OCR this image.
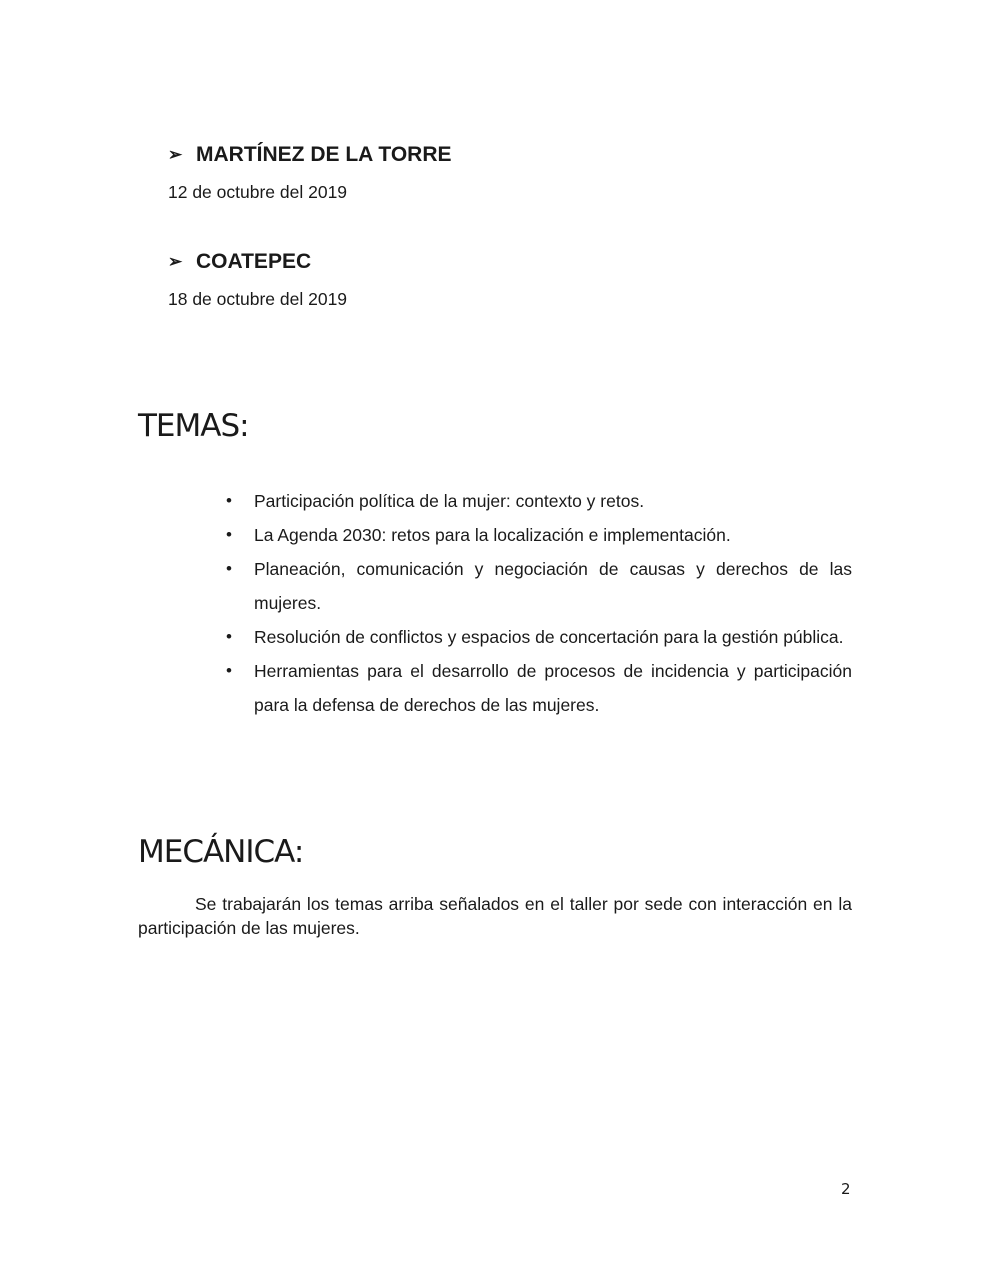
➢ MARTÍNEZ DE LA TORRE
12 de octubre del 2019
➢ COATEPEC
18 de octubre del 2019
TEMAS:
• Participación política de la mujer: contexto y retos.
• La Agenda 2030: retos para la localización e implementación.
• Planeación, comunicación y negociación de causas y derechos de las mujeres.
• Resolución de conflictos y espacios de concertación para la gestión pública.
• Herramientas para el desarrollo de procesos de incidencia y participación para la defensa de derechos de las mujeres.
MECÁNICA:

Se trabajarán los temas arriba señalados en el taller por sede con interacción en la participación de las mujeres.

2
